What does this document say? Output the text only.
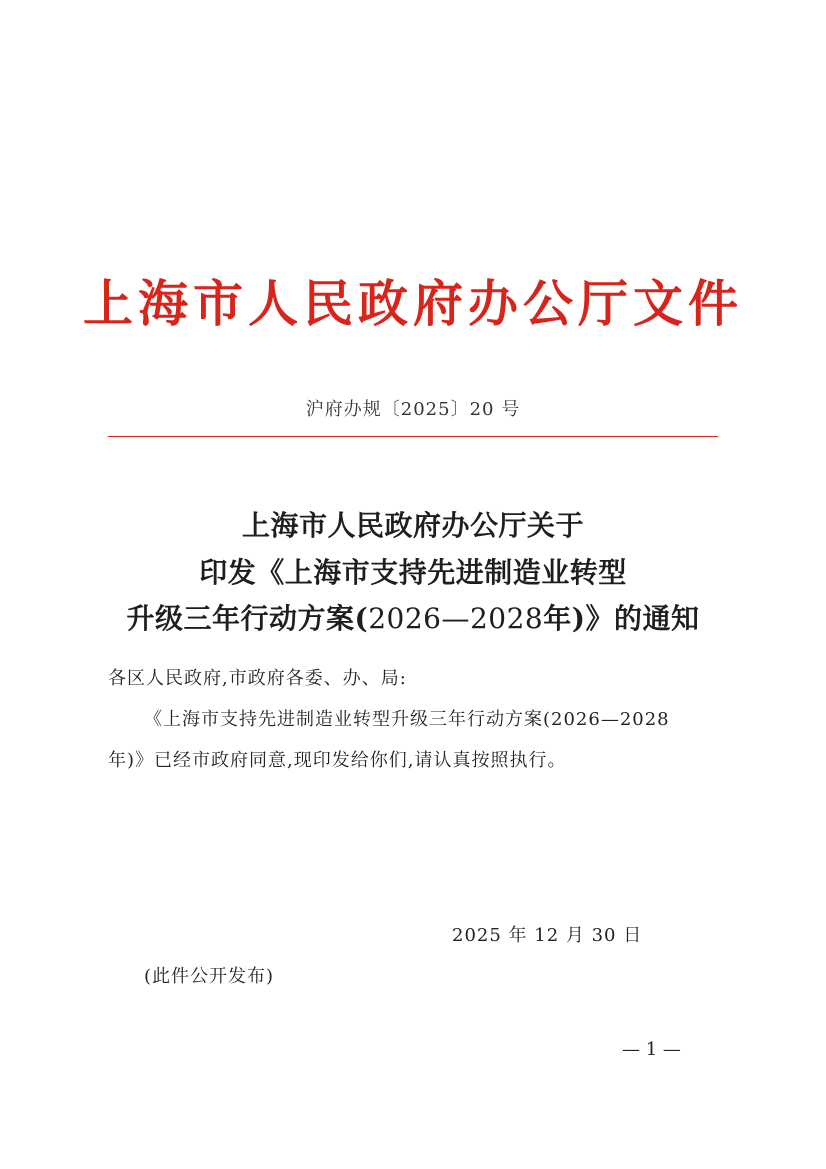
上海市人民政府办公厅文件
沪府办规〔2025〕20 号
上海市人民政府办公厅关于
印发《上海市支持先进制造业转型
升级三年行动方案(2026—2028年)》的通知
各区人民政府,市政府各委、办、局:
《上海市支持先进制造业转型升级三年行动方案(2026—2028
年)》已经市政府同意,现印发给你们,请认真按照执行。
2025 年 12 月 30 日
(此件公开发布)
— 1 —
